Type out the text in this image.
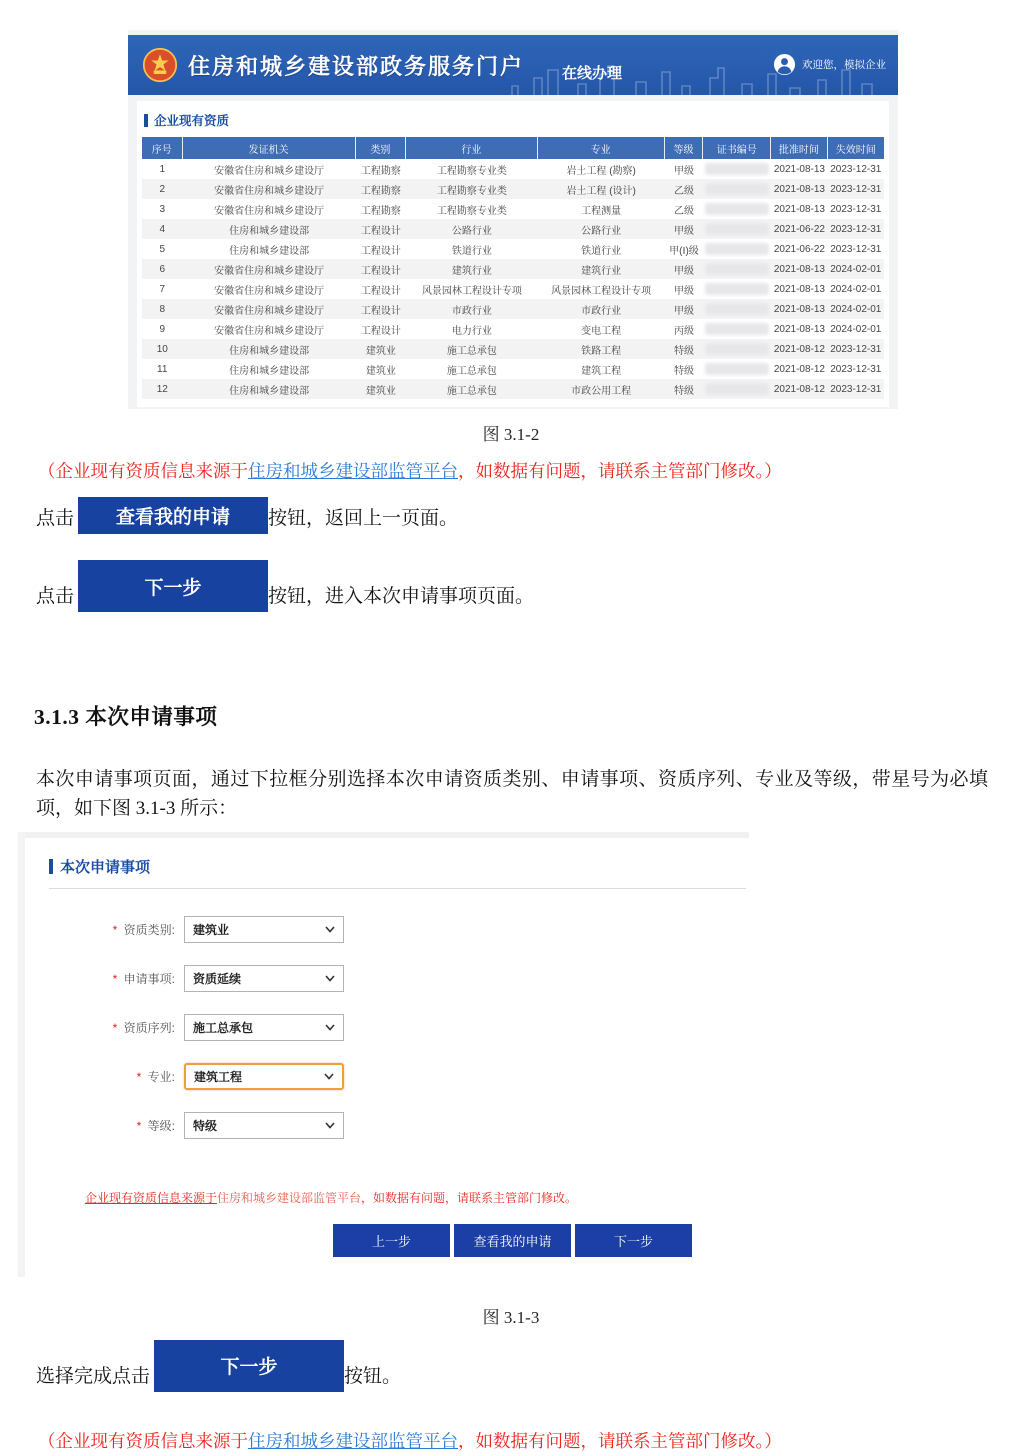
住房和城乡建设部政务服务门户	在线办理	欢迎您，模拟企业
企业现有资质
序号	发证机关	类别	行业	专业	等级	证书编号	批准时间	失效时间
1	安徽省住房和城乡建设厅	工程勘察	工程勘察专业类	岩土工程 (勘察)	甲级		2021-08-13	2023-12-31
2	安徽省住房和城乡建设厅	工程勘察	工程勘察专业类	岩土工程 (设计)	乙级		2021-08-13	2023-12-31
3	安徽省住房和城乡建设厅	工程勘察	工程勘察专业类	工程测量	乙级		2021-08-13	2023-12-31
4	住房和城乡建设部	工程设计	公路行业	公路行业	甲级		2021-06-22	2023-12-31
5	住房和城乡建设部	工程设计	铁道行业	铁道行业	甲(Ⅰ)级		2021-06-22	2023-12-31
6	安徽省住房和城乡建设厅	工程设计	建筑行业	建筑行业	甲级		2021-08-13	2024-02-01
7	安徽省住房和城乡建设厅	工程设计	风景园林工程设计专项	风景园林工程设计专项	甲级		2021-08-13	2024-02-01
8	安徽省住房和城乡建设厅	工程设计	市政行业	市政行业	甲级		2021-08-13	2024-02-01
9	安徽省住房和城乡建设厅	工程设计	电力行业	变电工程	丙级		2021-08-13	2024-02-01
10	住房和城乡建设部	建筑业	施工总承包	铁路工程	特级		2021-08-12	2023-12-31
11	住房和城乡建设部	建筑业	施工总承包	建筑工程	特级		2021-08-12	2023-12-31
12	住房和城乡建设部	建筑业	施工总承包	市政公用工程	特级		2021-08-12	2023-12-31
图 3.1-2
（企业现有资质信息来源于住房和城乡建设部监管平台，如数据有问题，请联系主管部门修改。）
点击	查看我的申请	按钮，返回上一页面。
点击	下一步	按钮，进入本次申请事项页面。
3.1.3 本次申请事项

本次申请事项页面，通过下拉框分别选择本次申请资质类别、申请事项、资质序列、专业及等级，带星号为必填项，如下图 3.1-3 所示：

本次申请事项
* 资质类别: 建筑业
* 申请事项: 资质延续
* 资质序列: 施工总承包
* 专业: 建筑工程
* 等级: 特级
企业现有资质信息来源于住房和城乡建设部监管平台，如数据有问题，请联系主管部门修改。
上一步	查看我的申请	下一步
图 3.1-3
选择完成点击	下一步	按钮。
（企业现有资质信息来源于住房和城乡建设部监管平台，如数据有问题，请联系主管部门修改。）
